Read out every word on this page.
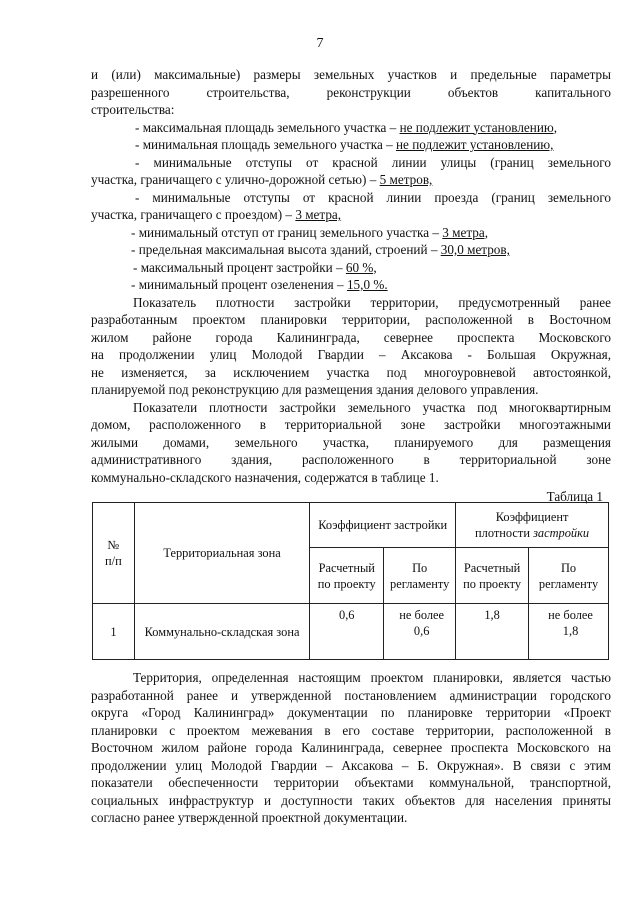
7

и (или) максимальные) размеры земельных участков и предельные параметры

разрешенного строительства, реконструкции объектов капитального

строительства:

- максимальная площадь земельного участка – не подлежит установлению,

- минимальная площадь земельного участка – не подлежит установлению,

- минимальные отступы от красной линии улицы (границ земельного

участка, граничащего с улично-дорожной сетью) – 5 метров,

- минимальные отступы от красной линии проезда (границ земельного

участка, граничащего с проездом) – 3 метра,

- минимальный отступ от границ земельного участка – 3 метра,

- предельная максимальная высота зданий, строений – 30,0 метров,

- максимальный процент застройки – 60 %,

- минимальный процент озеленения – 15,0 %.

Показатель плотности застройки территории, предусмотренный ранее

разработанным проектом планировки территории, расположенной в Восточном

жилом районе города Калининграда, севернее проспекта Московского

на продолжении улиц Молодой Гвардии – Аксакова - Большая Окружная,

не изменяется, за исключением участка под многоуровневой автостоянкой,

планируемой под реконструкцию для размещения здания делового управления.

Показатели плотности застройки земельного участка под многоквартирным

домом, расположенного в территориальной зоне застройки многоэтажными

жилыми домами, земельного участка, планируемого для размещения

административного здания, расположенного в территориальной зоне

коммунально-складского назначения, содержатся в таблице 1.

Таблица 1

№
п/п	Территориальная зона	Коэффициент застройки		Коэффициент
плотности застройки	
		Расчетный по проекту	По регламенту	Расчетный по проекту	По регламенту
1	Коммунально-складская зона	0,6	не более 0,6	1,8	не более 1,8

Территория, определенная настоящим проектом планировки, является частью

разработанной ранее и утвержденной постановлением администрации городского

округа «Город Калининград» документации по планировке территории «Проект

планировки с проектом межевания в его составе территории, расположенной в

Восточном жилом районе города Калининграда, севернее проспекта Московского на

продолжении улиц Молодой Гвардии – Аксакова – Б. Окружная». В связи с этим

показатели обеспеченности территории объектами коммунальной, транспортной,

социальных инфраструктур и доступности таких объектов для населения приняты

согласно ранее утвержденной проектной документации.
